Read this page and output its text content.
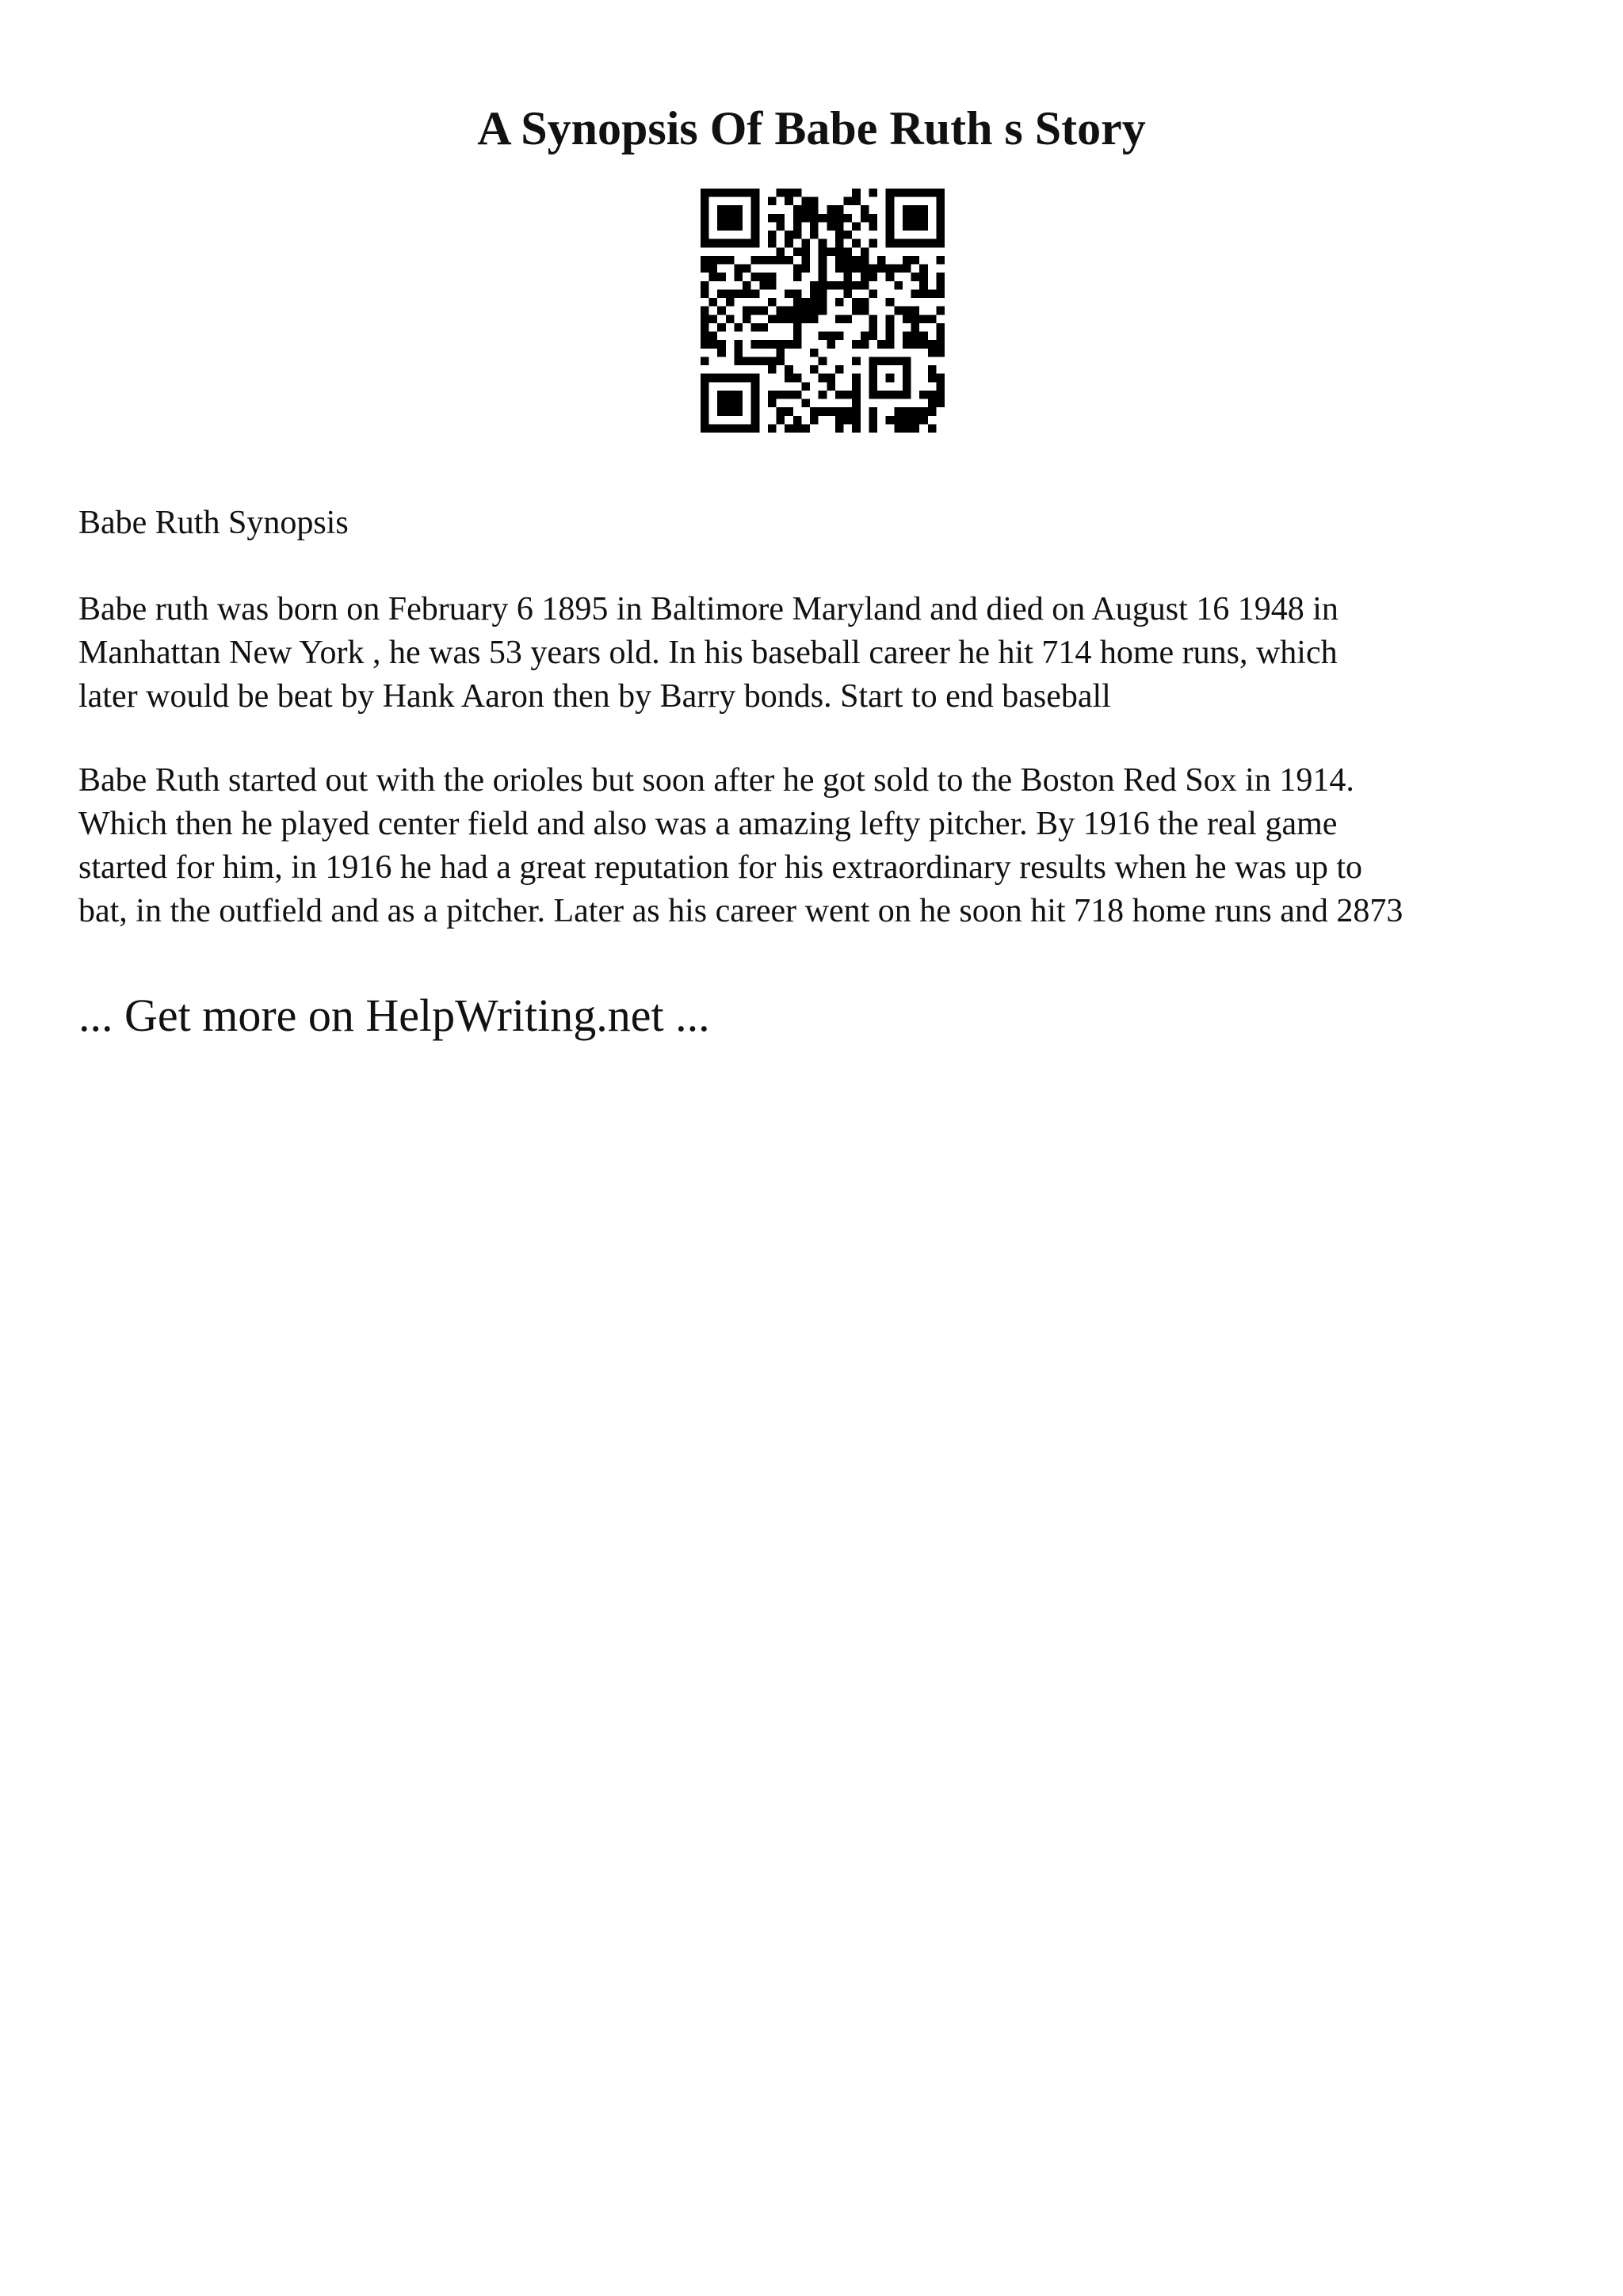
A Synopsis Of Babe Ruth s Story

Babe Ruth Synopsis

Babe ruth was born on February 6 1895 in Baltimore Maryland and died on August 16 1948 in
Manhattan New York , he was 53 years old. In his baseball career he hit 714 home runs, which
later would be beat by Hank Aaron then by Barry bonds. Start to end baseball

Babe Ruth started out with the orioles but soon after he got sold to the Boston Red Sox in 1914.
Which then he played center field and also was a amazing lefty pitcher. By 1916 the real game
started for him, in 1916 he had a great reputation for his extraordinary results when he was up to
bat, in the outfield and as a pitcher. Later as his career went on he soon hit 718 home runs and 2873

... Get more on HelpWriting.net ...
